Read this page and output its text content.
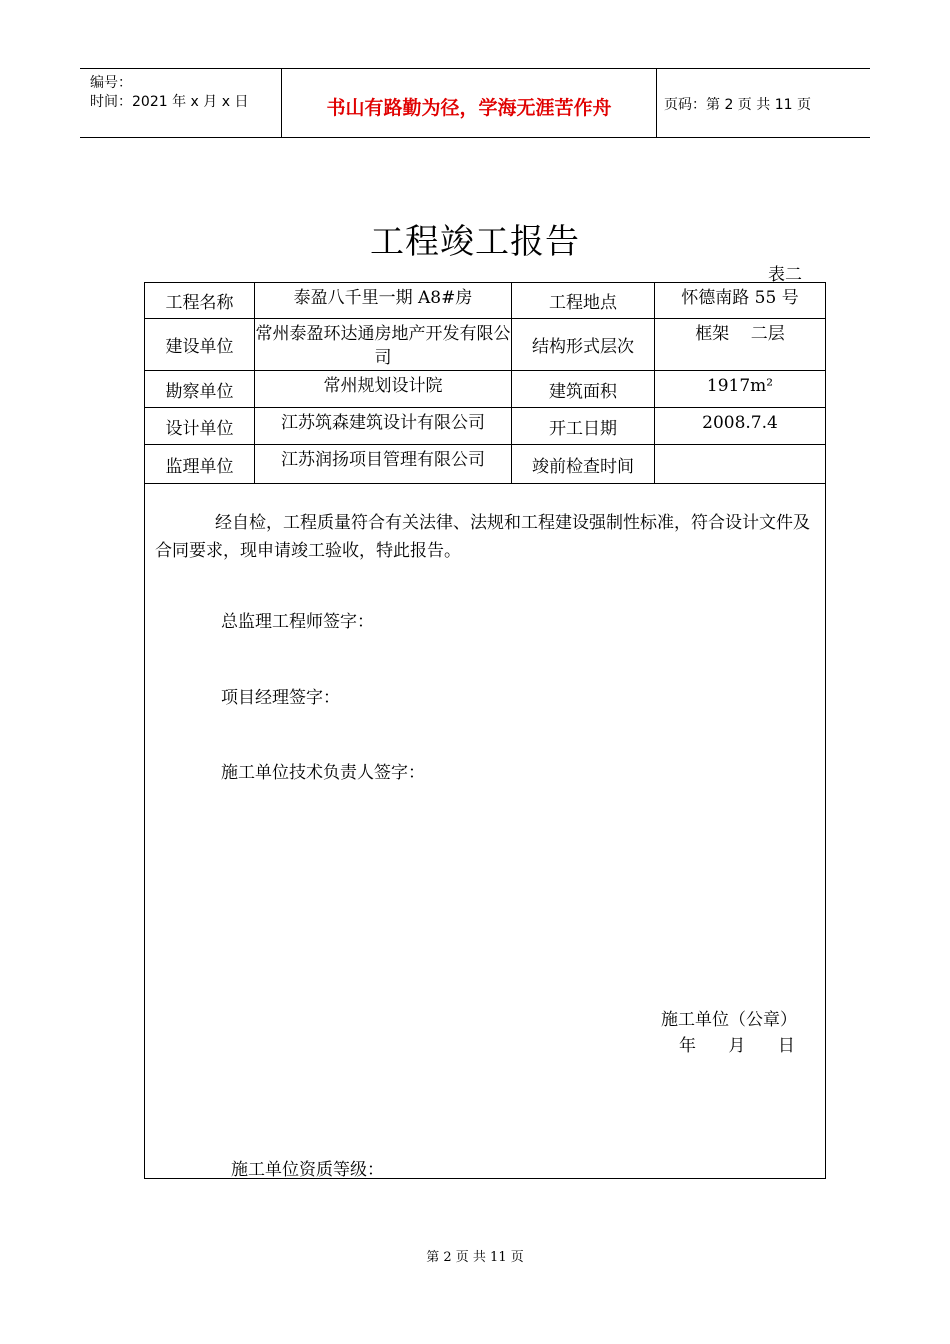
编号：
时间：2021 年 x 月 x 日	书山有路勤为径，学海无涯苦作舟	页码：第 2 页 共 11 页
工程竣工报告
表二
工程名称	泰盈八千里一期 A8#房	工程地点	怀德南路 55 号
建设单位	常州泰盈环达通房地产开发有限公司	结构形式层次	框架    二层
勘察单位	常州规划设计院	建筑面积	1917m²
设计单位	江苏筑森建筑设计有限公司	开工日期	2008.7.4
监理单位	江苏润扬项目管理有限公司	竣前检查时间	
经自检，工程质量符合有关法律、法规和工程建设强制性标准，符合设计文件及合同要求，现申请竣工验收，特此报告。
总监理工程师签字：
项目经理签字：
施工单位技术负责人签字：
施工单位（公章）
年      月      日
施工单位资质等级：
第 2 页 共 11 页
